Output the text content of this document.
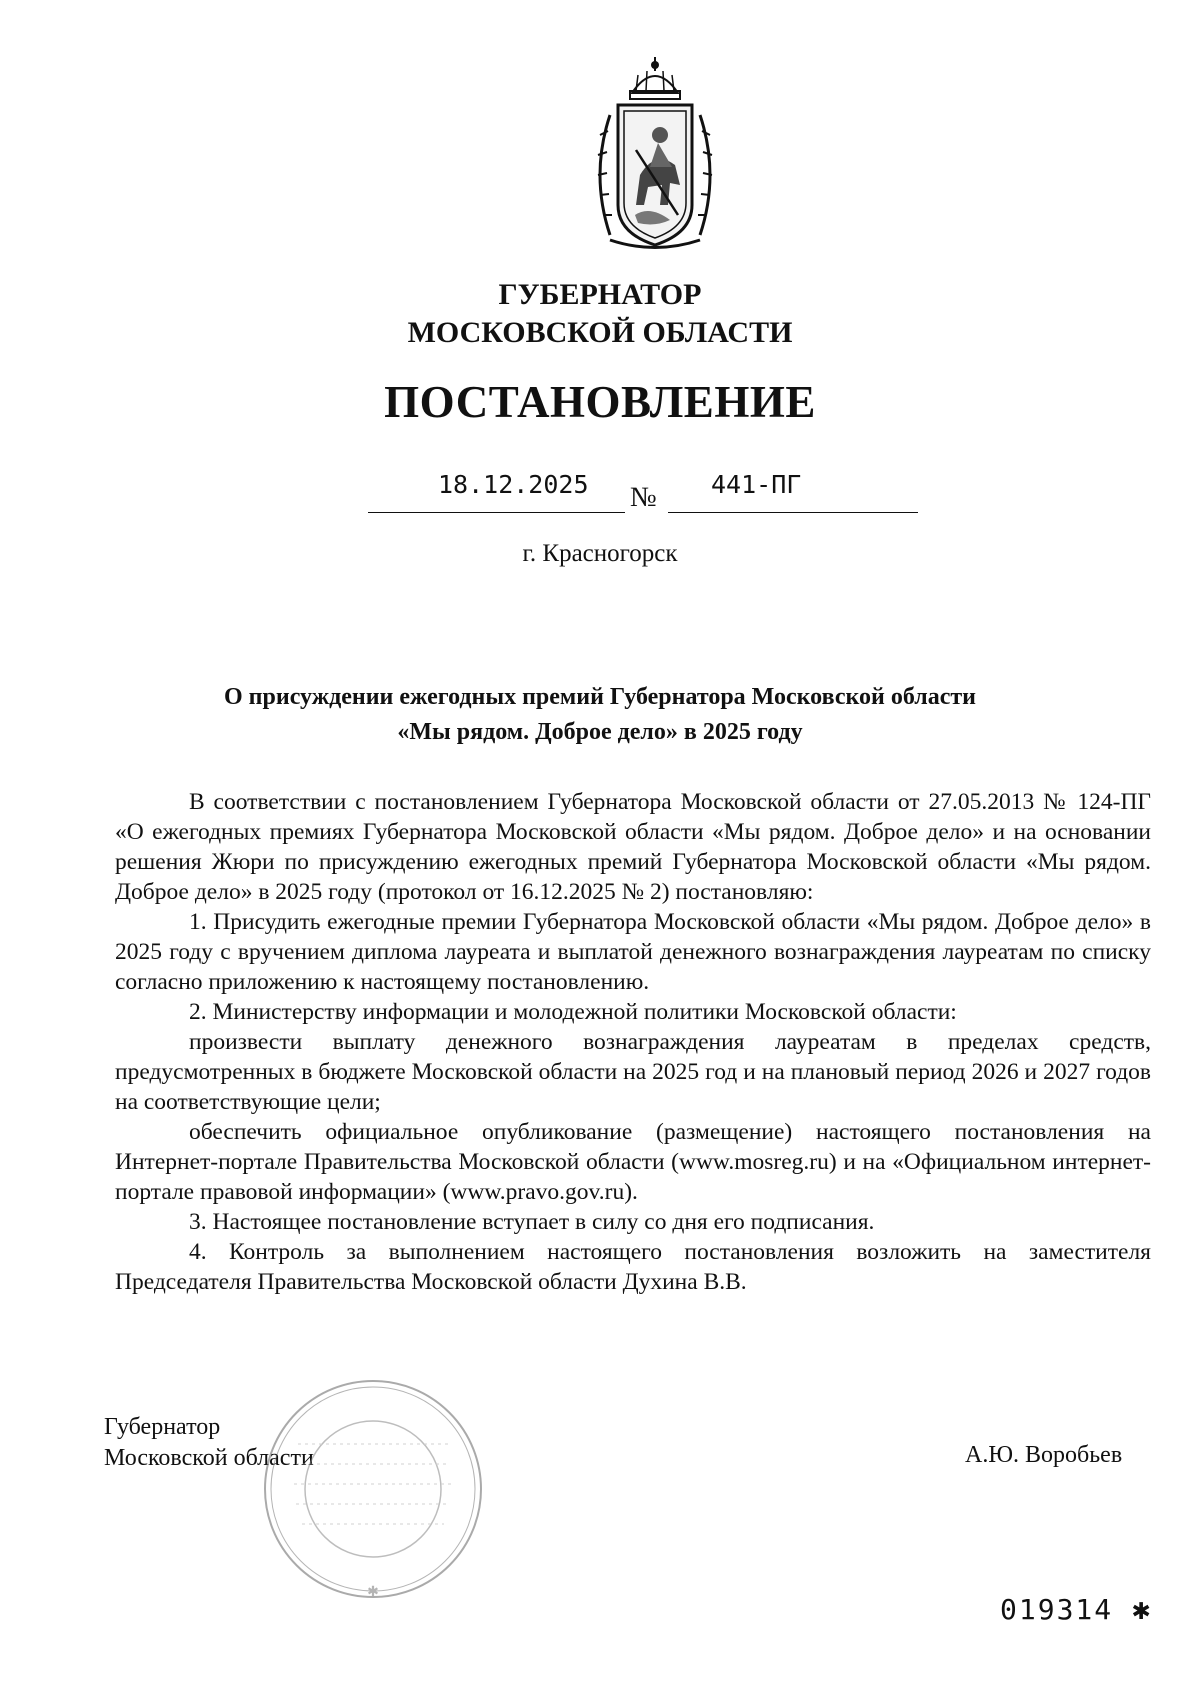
ГУБЕРНАТОР
МОСКОВСКОЙ ОБЛАСТИ
ПОСТАНОВЛЕНИЕ
18.12.2025 № 441-ПГ
г. Красногорск
О присуждении ежегодных премий Губернатора Московской области
«Мы рядом. Доброе дело» в 2025 году

В соответствии с постановлением Губернатора Московской области от 27.05.2013 № 124-ПГ «О ежегодных премиях Губернатора Московской области «Мы рядом. Доброе дело» и на основании решения Жюри по присуждению ежегодных премий Губернатора Московской области «Мы рядом. Доброе дело» в 2025 году (протокол от 16.12.2025 № 2) постановляю:

1. Присудить ежегодные премии Губернатора Московской области «Мы рядом. Доброе дело» в 2025 году с вручением диплома лауреата и выплатой денежного вознаграждения лауреатам по списку согласно приложению к настоящему постановлению.

2. Министерству информации и молодежной политики Московской области:

произвести выплату денежного вознаграждения лауреатам в пределах средств, предусмотренных в бюджете Московской области на 2025 год и на плановый период 2026 и 2027 годов на соответствующие цели;

обеспечить официальное опубликование (размещение) настоящего постановления на Интернет-портале Правительства Московской области (www.mosreg.ru) и на «Официальном интернет-портале правовой информации» (www.pravo.gov.ru).

3. Настоящее постановление вступает в силу со дня его подписания.

4. Контроль за выполнением настоящего постановления возложить на заместителя Председателя Правительства Московской области Духина В.В.

Губернатор
Московской области	А.Ю. Воробьев
✱
019314 ✱
